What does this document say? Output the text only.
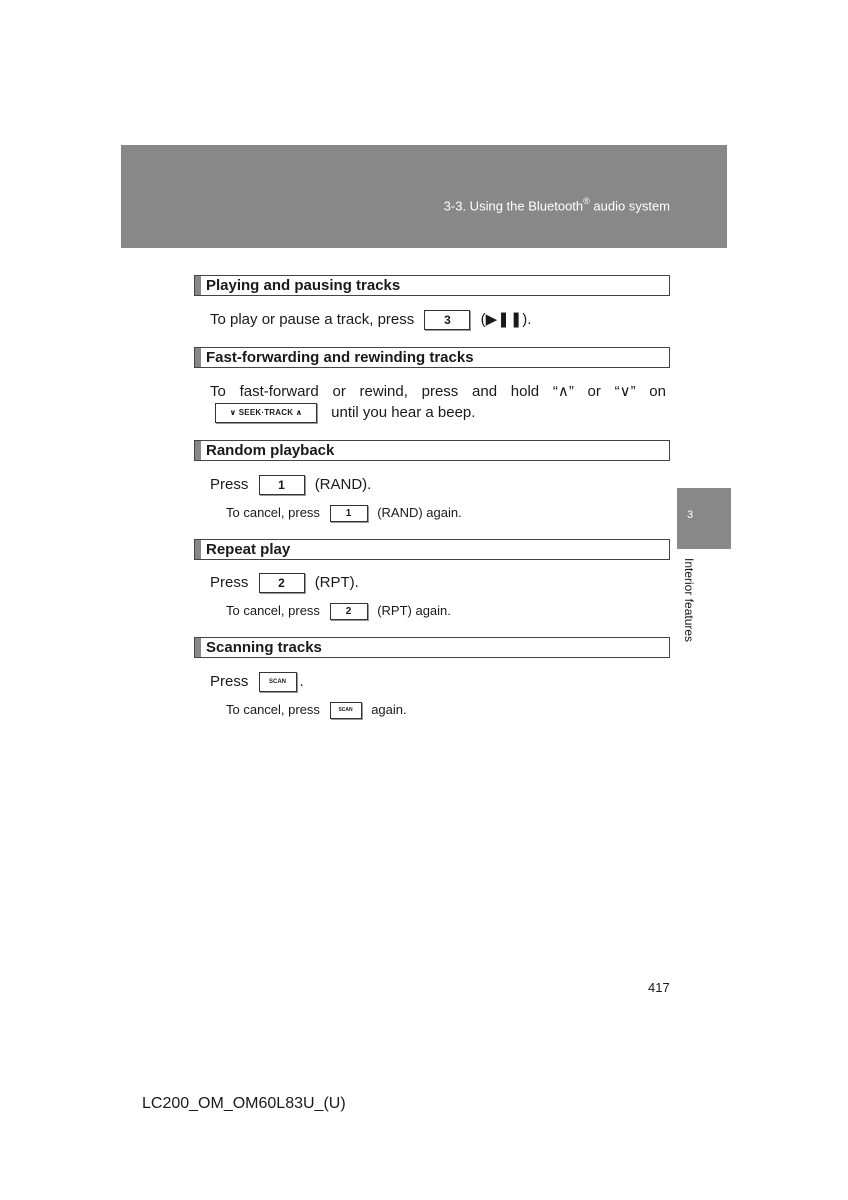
3-3. Using the Bluetooth® audio system
3
Interior features
Playing and pausing tracks
To play or pause a track, press 3 (▶❚❚).
Fast-forwarding and rewinding tracks
To fast-forward or rewind, press and hold “∧” or “∨” on
∨ SEEK·TRACK ∧ until you hear a beep.
Random playback
Press 1 (RAND).
To cancel, press	1 (RAND) again.
Repeat play
Press 2 (RPT).
To cancel, press	2 (RPT) again.
Scanning tracks
Press	SCAN .
To cancel, press	SCAN again.
417
LC200_OM_OM60L83U_(U)
